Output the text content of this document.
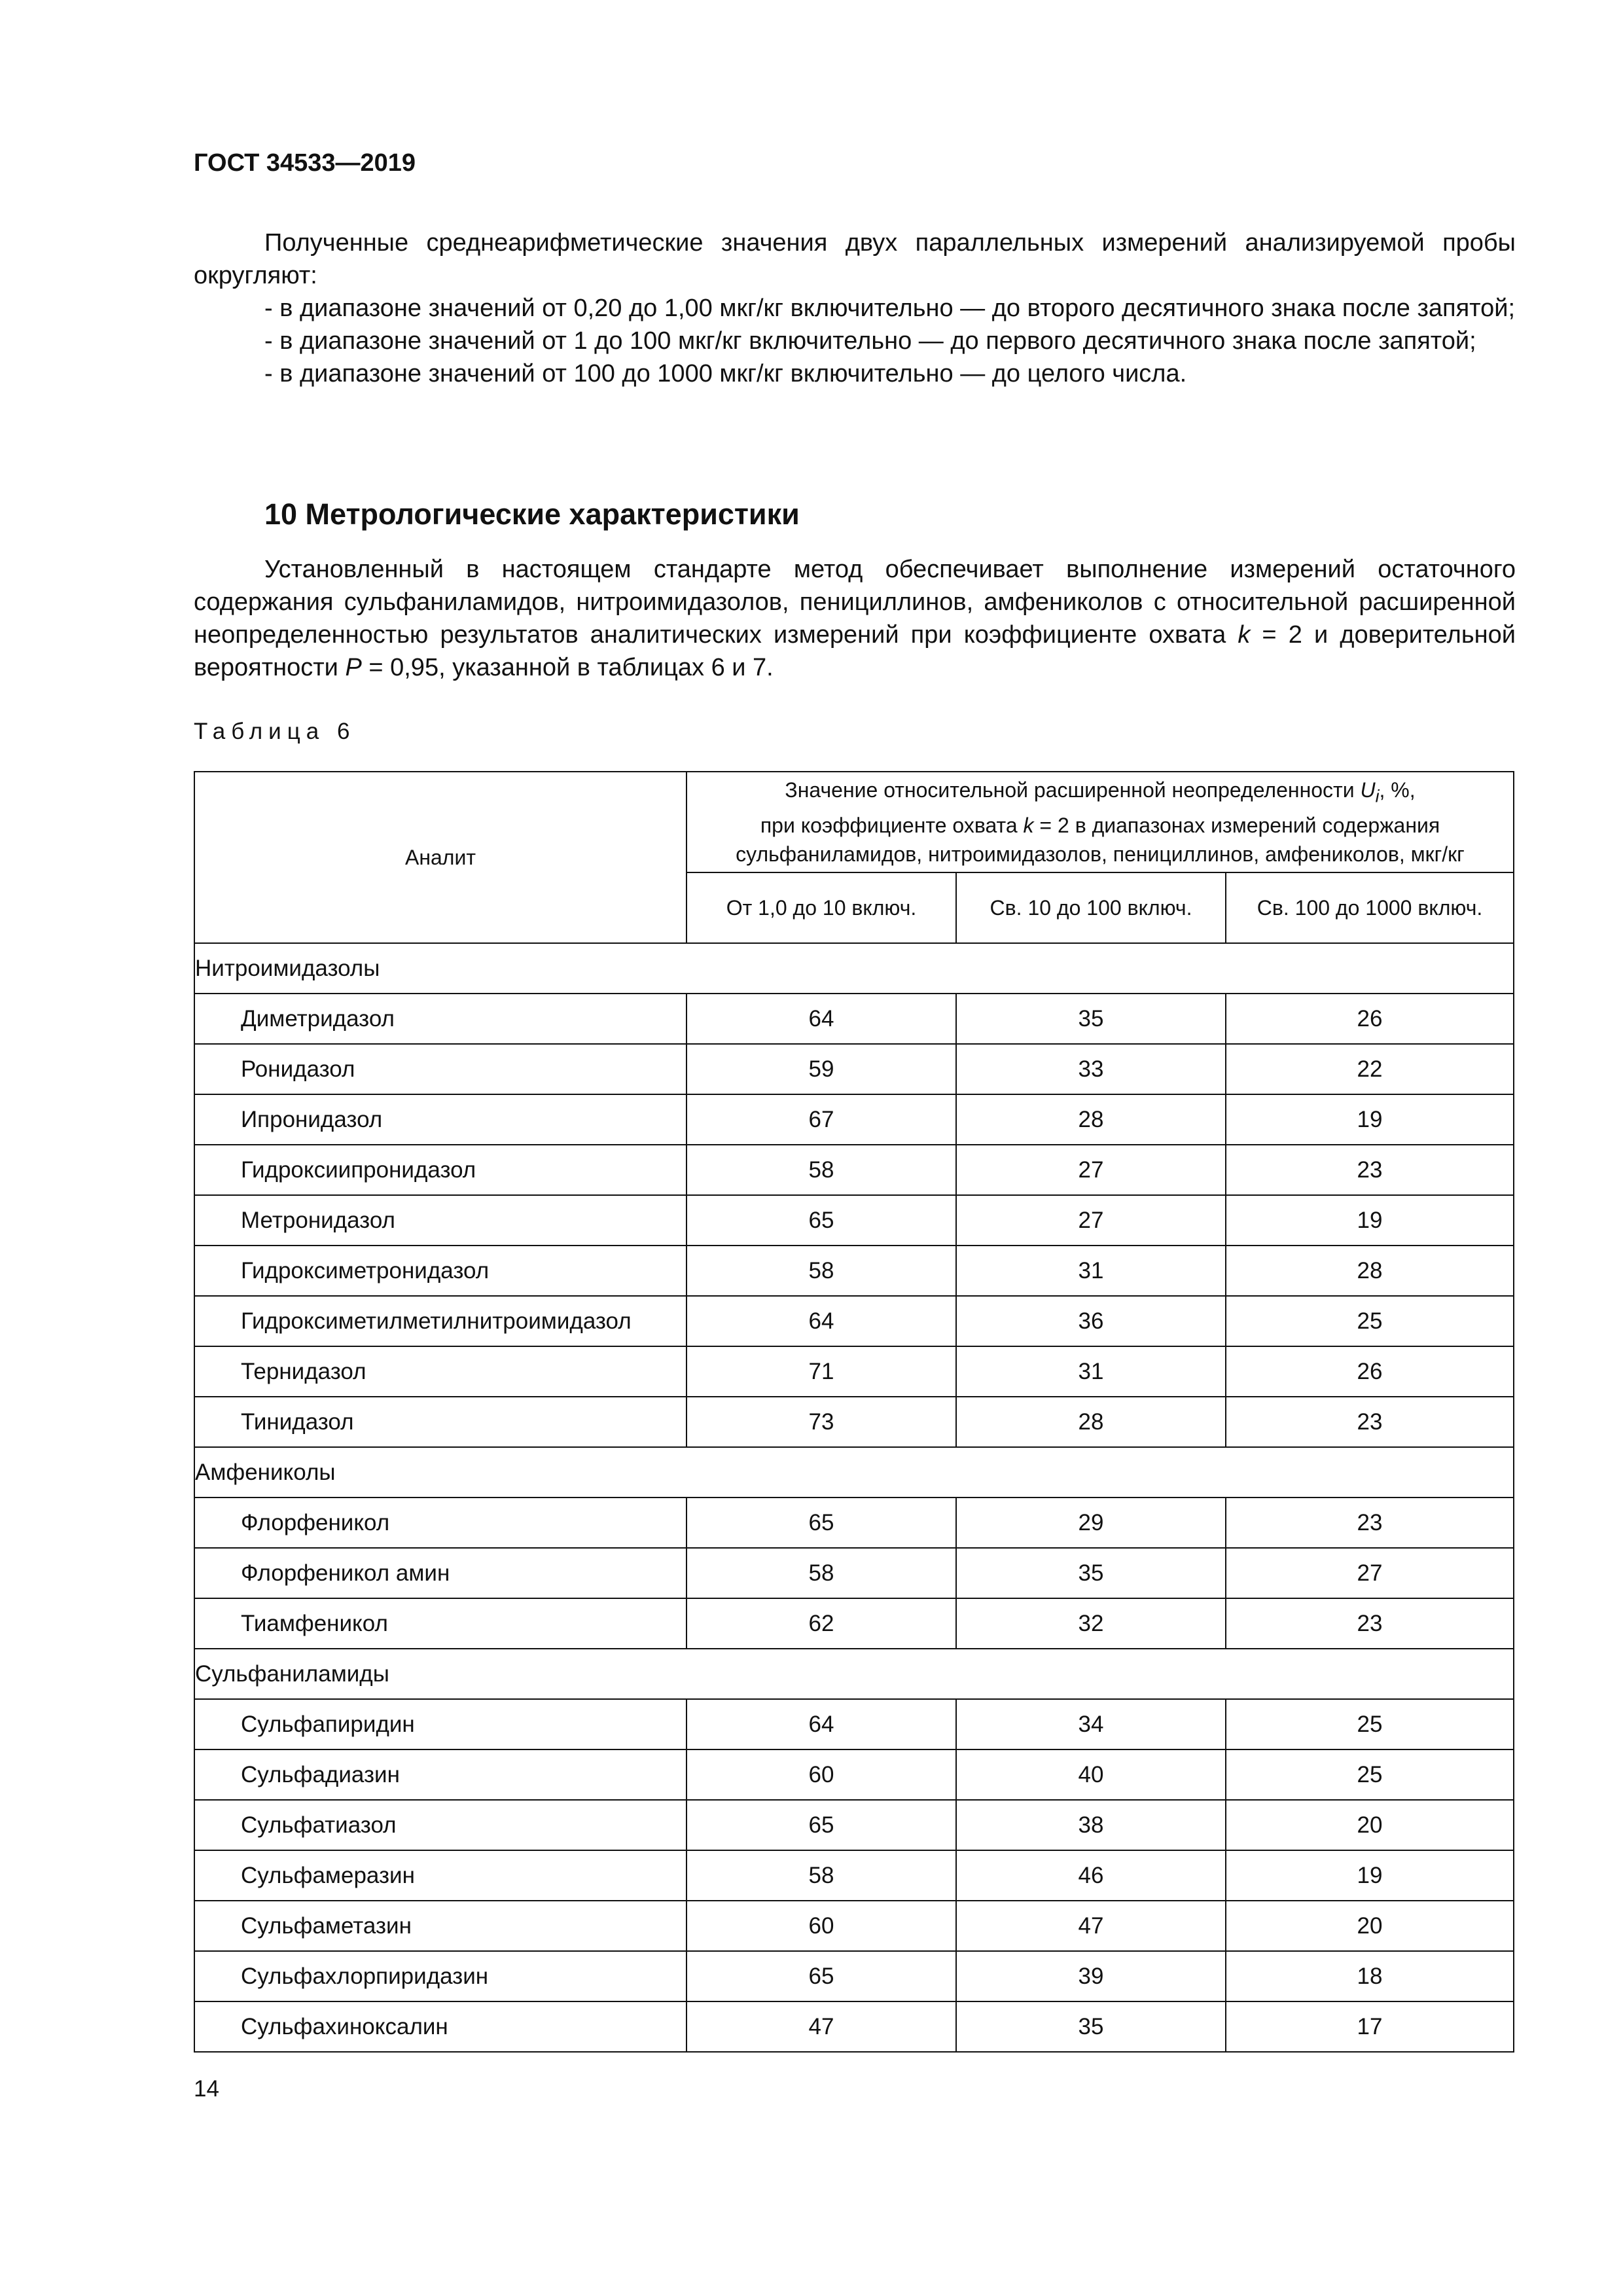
ГОСТ 34533—2019

Полученные среднеарифметические значения двух параллельных измерений анализируемой пробы округляют:

- в диапазоне значений от 0,20 до 1,00 мкг/кг включительно — до второго десятичного знака после запятой;

- в диапазоне значений от 1 до 100 мкг/кг включительно — до первого десятичного знака после запятой;

- в диапазоне значений от 100 до 1000 мкг/кг включительно — до целого числа.

10 Метрологические характеристики

Установленный в настоящем стандарте метод обеспечивает выполнение измерений остаточного содержания сульфаниламидов, нитроимидазолов, пенициллинов, амфениколов с относительной расширенной неопределенностью результатов аналитических измерений при коэффициенте охвата k = 2 и доверительной вероятности P = 0,95, указанной в таблицах 6 и 7.

Таблица 6
Аналит	Значение относительной расширенной неопределенности $U_i$, %,
при коэффициенте охвата k = 2 в диапазонах измерений содержания
сульфаниламидов, нитроимидазолов, пенициллинов, амфениколов, мкг/кг		
	От 1,0 до 10 включ.	Св. 10 до 100 включ.	Св. 100 до 1000 включ.
Нитроимидазолы			
Диметридазол	64	35	26
Ронидазол	59	33	22
Ипронидазол	67	28	19
Гидроксиипронидазол	58	27	23
Метронидазол	65	27	19
Гидроксиметронидазол	58	31	28
Гидроксиметилметилнитроимидазол	64	36	25
Тернидазол	71	31	26
Тинидазол	73	28	23
Амфениколы			
Флорфеникол	65	29	23
Флорфеникол амин	58	35	27
Тиамфеникол	62	32	23
Сульфаниламиды			
Сульфапиридин	64	34	25
Сульфадиазин	60	40	25
Сульфатиазол	65	38	20
Сульфамеразин	58	46	19
Сульфаметазин	60	47	20
Сульфахлорпиридазин	65	39	18
Сульфахиноксалин	47	35	17
14
